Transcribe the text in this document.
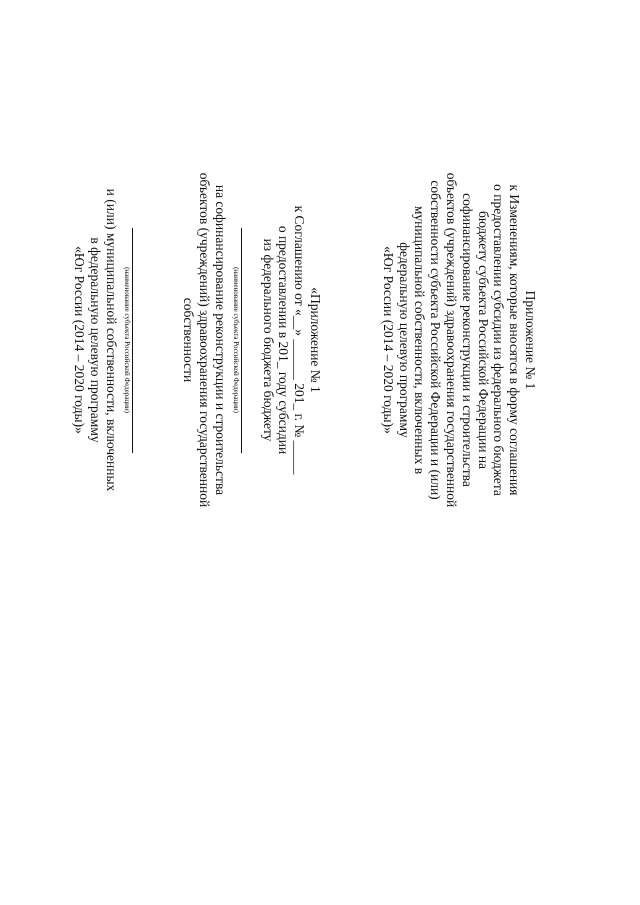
Приложение № 1
к Изменениям, которые вносятся в форму соглашения
о предоставлении субсидии из федерального бюджета
бюджету субъекта Российской Федерации на
софинансирование реконструкции и строительства
объектов (учреждений) здравоохранения государственной
собственности субъекта Российской Федерации и (или)
муниципальной собственности, включенных в
федеральную целевую программу
«Юг России (2014 – 2020 годы)»
«Приложение № 1
к Соглашению от «__» ______ 201_ г. № _____
о предоставлении в 201_ году субсидии
из федерального бюджета бюджету
(наименование субъекта Российской Федерации)
на софинансирование реконструкции и строительства
объектов (учреждений) здравоохранения государственной
собственности
(наименование субъекта Российской Федерации)
и (или) муниципальной собственности, включенных
в федеральную целевую программу
«Юг России (2014 – 2020 годы)»
